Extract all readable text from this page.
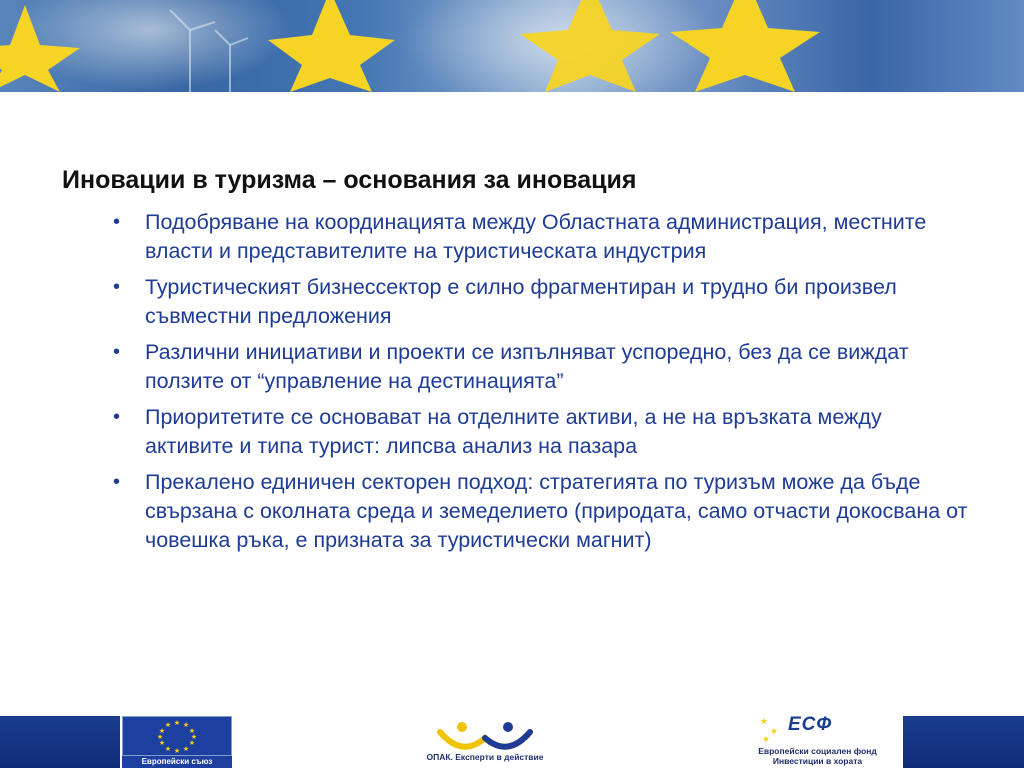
Иновации в туризма – основания за иновация
• Подобряване на координацията между Областната администрация, местните власти и представителите на туристическата индустрия
• Туристическият бизнессектор е силно фрагментиран и трудно би произвел съвместни предложения
• Различни инициативи и проекти се изпълняват успоредно, без да се виждат ползите от “управление на дестинацията”
• Приоритетите се основават на отделните активи, а не на връзката между активите и типа турист: липсва анализ на пазара
• Прекалено единичен секторен подход: стратегията по туризъм може да бъде свързана с околната среда и земеделието (природата, само отчасти докосвана от човешка ръка, е призната за туристически магнит)
★ ★
★
★
★
★
★
★
★
★
★
★
Европейски съюз	ОПАК. Експерти в действие
★
★
★
ЕСФ
Европейски социален фонд
Инвестиции в хората
